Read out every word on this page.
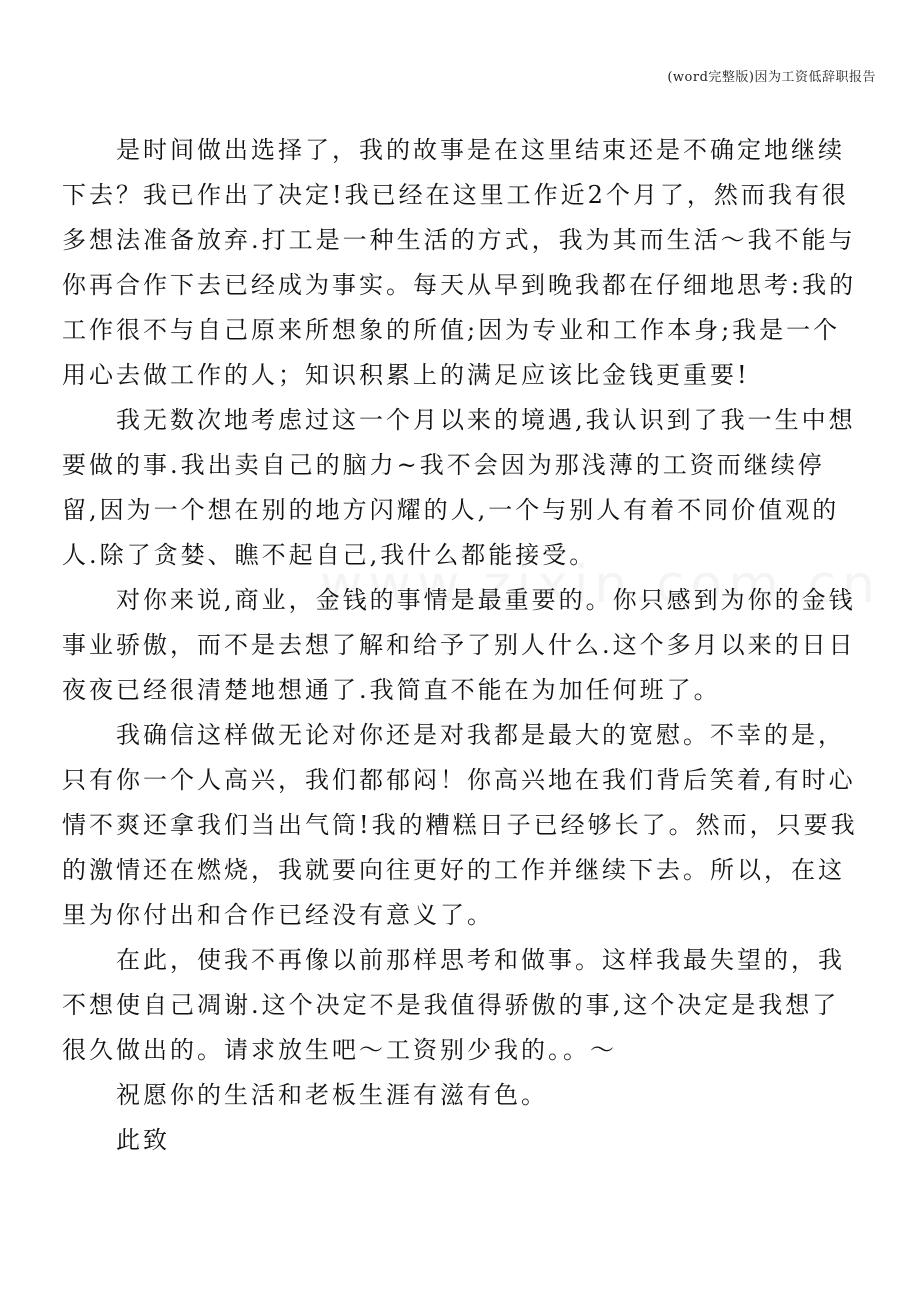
(word完整版)因为工资低辞职报告

是时间做出选择了，我的故事是在这里结束还是不确定地继续下去？我已作出了决定!我已经在这里工作近2个月了，然而我有很多想法准备放弃.打工是一种生活的方式，我为其而生活～我不能与你再合作下去已经成为事实。每天从早到晚我都在仔细地思考:我的工作很不与自己原来所想象的所值;因为专业和工作本身;我是一个用心去做工作的人；知识积累上的满足应该比金钱更重要!

我无数次地考虑过这一个月以来的境遇,我认识到了我一生中想要做的事.我出卖自己的脑力~我不会因为那浅薄的工资而继续停留,因为一个想在别的地方闪耀的人,一个与别人有着不同价值观的人.除了贪婪、瞧不起自己,我什么都能接受。

对你来说,商业，金钱的事情是最重要的。你只感到为你的金钱事业骄傲，而不是去想了解和给予了别人什么.这个多月以来的日日夜夜已经很清楚地想通了.我简直不能在为加任何班了。

我确信这样做无论对你还是对我都是最大的宽慰。不幸的是，只有你一个人高兴，我们都郁闷！你高兴地在我们背后笑着,有时心情不爽还拿我们当出气筒!我的糟糕日子已经够长了。然而，只要我的激情还在燃烧，我就要向往更好的工作并继续下去。所以，在这里为你付出和合作已经没有意义了。

在此，使我不再像以前那样思考和做事。这样我最失望的，我不想使自己凋谢.这个决定不是我值得骄傲的事,这个决定是我想了很久做出的。请求放生吧～工资别少我的。。～

祝愿你的生活和老板生涯有滋有色。

此致
